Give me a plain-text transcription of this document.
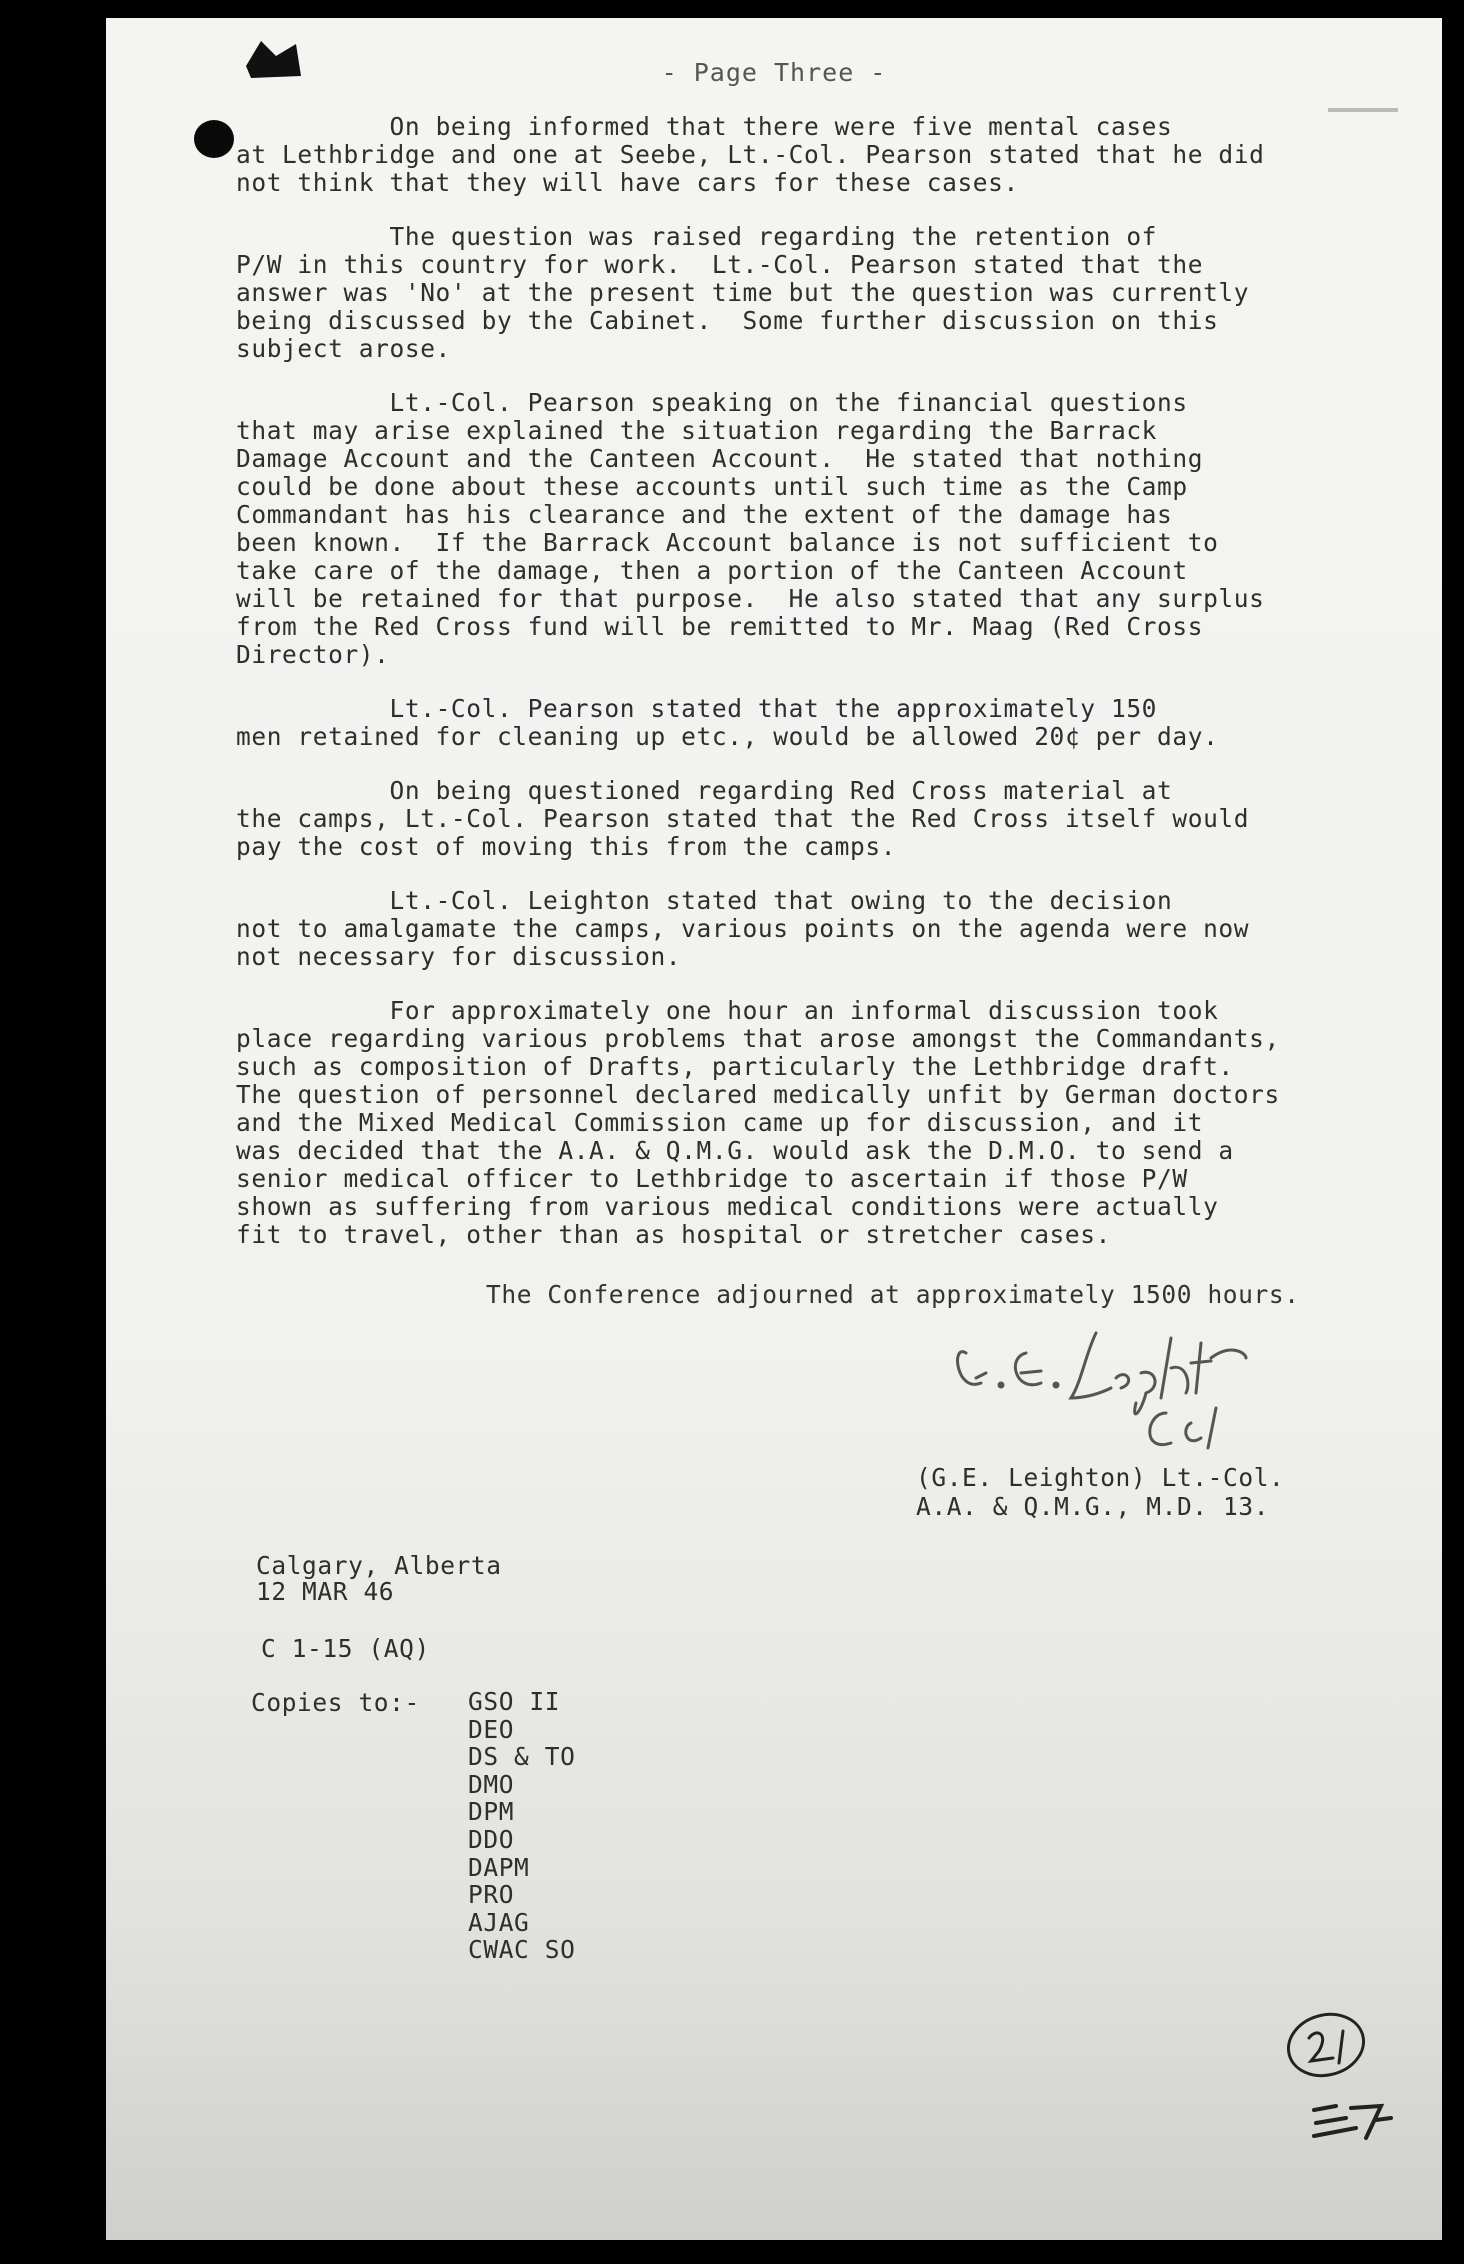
- Page Three -

On being informed that there were five mental cases
at Lethbridge and one at Seebe, Lt.-Col. Pearson stated that he did
not think that they will have cars for these cases.

The question was raised regarding the retention of
P/W in this country for work.  Lt.-Col. Pearson stated that the
answer was 'No' at the present time but the question was currently
being discussed by the Cabinet.  Some further discussion on this
subject arose.

Lt.-Col. Pearson speaking on the financial questions
that may arise explained the situation regarding the Barrack
Damage Account and the Canteen Account.  He stated that nothing
could be done about these accounts until such time as the Camp
Commandant has his clearance and the extent of the damage has
been known.  If the Barrack Account balance is not sufficient to
take care of the damage, then a portion of the Canteen Account
will be retained for that purpose.  He also stated that any surplus
from the Red Cross fund will be remitted to Mr. Maag (Red Cross
Director).

Lt.-Col. Pearson stated that the approximately 150
men retained for cleaning up etc., would be allowed 20¢ per day.

On being questioned regarding Red Cross material at
the camps, Lt.-Col. Pearson stated that the Red Cross itself would
pay the cost of moving this from the camps.

Lt.-Col. Leighton stated that owing to the decision
not to amalgamate the camps, various points on the agenda were now
not necessary for discussion.

For approximately one hour an informal discussion took
place regarding various problems that arose amongst the Commandants,
such as composition of Drafts, particularly the Lethbridge draft.
The question of personnel declared medically unfit by German doctors
and the Mixed Medical Commission came up for discussion, and it
was decided that the A.A. & Q.M.G. would ask the D.M.O. to send a
senior medical officer to Lethbridge to ascertain if those P/W
shown as suffering from various medical conditions were actually
fit to travel, other than as hospital or stretcher cases.

The Conference adjourned at approximately 1500 hours.
(G.E. Leighton) Lt.-Col.
A.A. & Q.M.G., M.D. 13.
Calgary, Alberta
12 MAR 46
C 1-15 (AQ)
Copies to:- GSO II
DEO
DS & TO
DMO
DPM
DDO
DAPM
PRO
AJAG
CWAC SO
